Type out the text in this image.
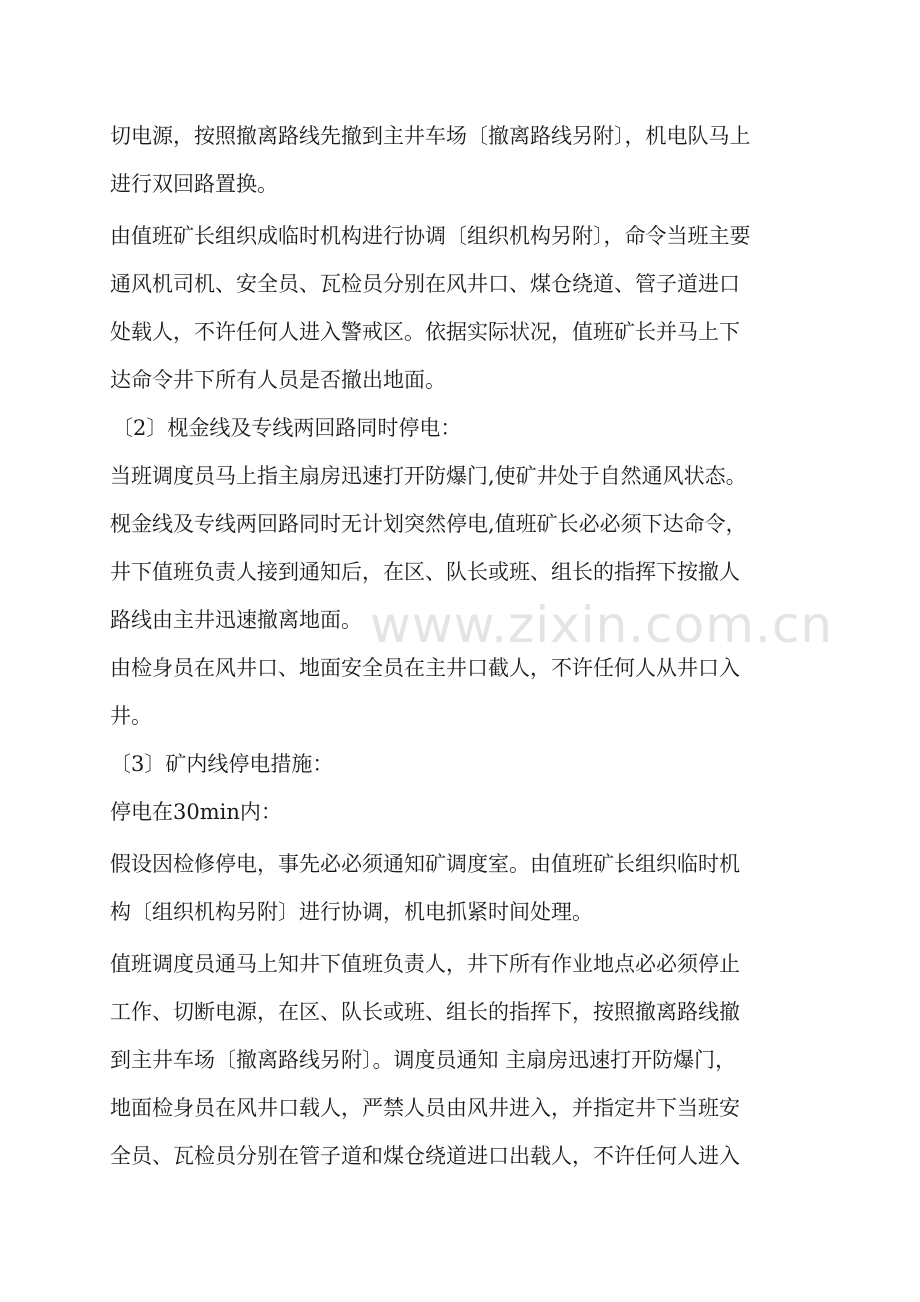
切电源，按照撤离路线先撤到主井车场〔撤离路线另附〕，机电队马上
进行双回路置换。
由值班矿长组织成临时机构进行协调〔组织机构另附〕，命令当班主要
通风机司机、安全员、瓦检员分别在风井口、煤仓绕道、管子道进口
处载人，不许任何人进入警戒区。依据实际状况，值班矿长并马上下
达命令井下所有人员是否撤出地面。
〔2〕枧金线及专线两回路同时停电：
当班调度员马上指主扇房迅速打开防爆门,使矿井处于自然通风状态。
枧金线及专线两回路同时无计划突然停电,值班矿长必必须下达命令，
井下值班负责人接到通知后，在区、队长或班、组长的指挥下按撤人
路线由主井迅速撤离地面。
由检身员在风井口、地面安全员在主井口截人，不许任何人从井口入
井。
〔3〕矿内线停电措施：
停电在30min内：
假设因检修停电，事先必必须通知矿调度室。由值班矿长组织临时机
构〔组织机构另附〕进行协调，机电抓紧时间处理。
值班调度员通马上知井下值班负责人，井下所有作业地点必必须停止
工作、切断电源，在区、队长或班、组长的指挥下，按照撤离路线撤
到主井车场〔撤离路线另附〕。调度员通知 主扇房迅速打开防爆门，
地面检身员在风井口载人，严禁人员由风井进入，并指定井下当班安
全员、瓦检员分别在管子道和煤仓绕道进口出载人，不许任何人进入
www.zixin.com.cn
